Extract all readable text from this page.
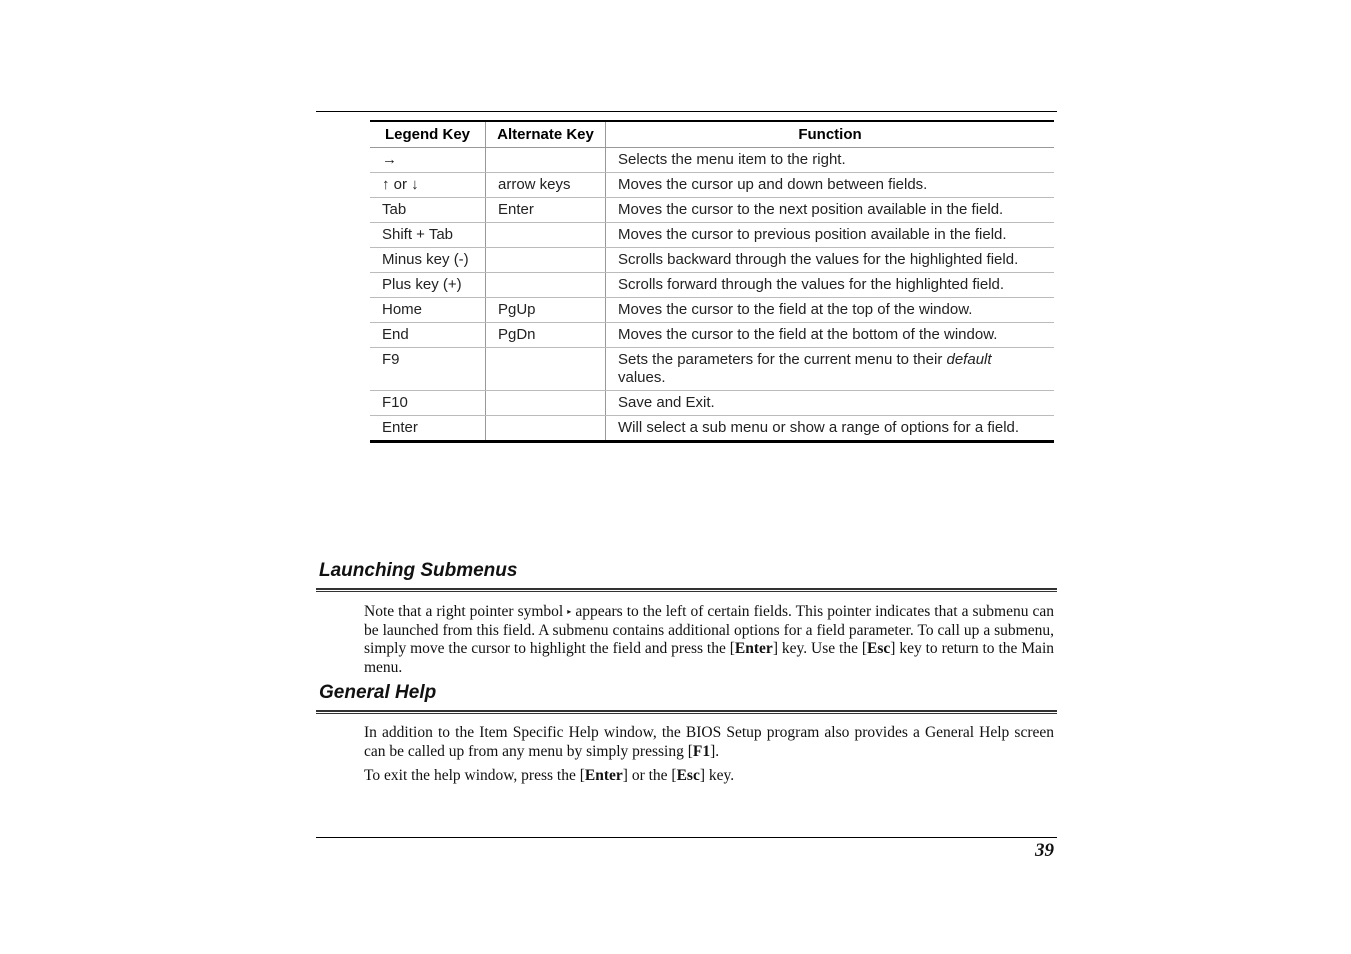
Legend Key	Alternate Key	Function
→		Selects the menu item to the right.
↑ or ↓	arrow keys	Moves the cursor up and down between fields.
Tab	Enter	Moves the cursor to the next position available in the field.
Shift + Tab		Moves the cursor to previous position available in the field.
Minus key (-)		Scrolls backward through the values for the highlighted field.
Plus key (+)		Scrolls forward through the values for the highlighted field.
Home	PgUp	Moves the cursor to the field at the top of the window.
End	PgDn	Moves the cursor to the field at the bottom of the window.
F9		Sets the parameters for the current menu to their default values.
F10		Save and Exit.
Enter		Will select a sub menu or show a range of options for a field.
Launching Submenus

Note that a right pointer symbol ▸ appears to the left of certain fields. This pointer indicates that a submenu can be launched from this field. A submenu contains additional options for a field parameter. To call up a submenu, simply move the cursor to highlight the field and press the [Enter] key. Use the [Esc] key to return to the Main menu.

General Help

In addition to the Item Specific Help window, the BIOS Setup program also provides a General Help screen can be called up from any menu by simply pressing [F1].

To exit the help window, press the [Enter] or the [Esc] key.

39
